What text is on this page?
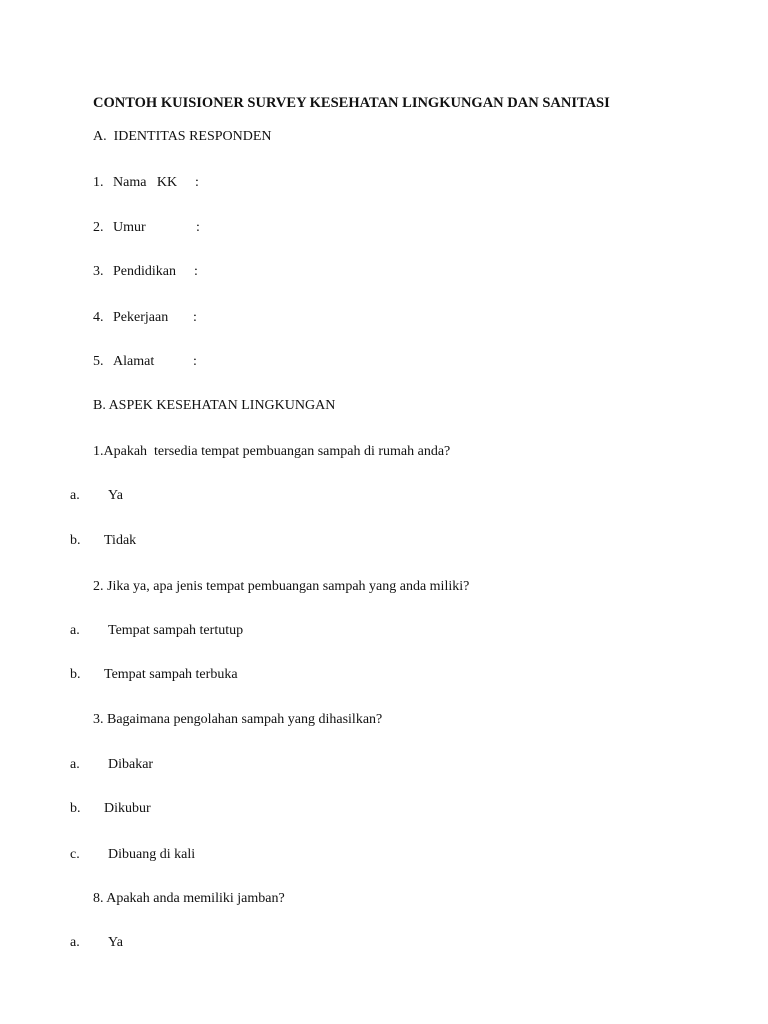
CONTOH KUISIONER SURVEY KESEHATAN LINGKUNGAN DAN SANITASI
A.  IDENTITAS RESPONDEN
1. Nama   KK :
2. Umur	:
3. Pendidikan :
4. Pekerjaan :
5. Alamat	:
B. ASPEK KESEHATAN LINGKUNGAN
1.Apakah  tersedia tempat pembuangan sampah di rumah anda?
a. Ya
b. Tidak
2. Jika ya, apa jenis tempat pembuangan sampah yang anda miliki?
a. Tempat sampah tertutup
b. Tempat sampah terbuka
3. Bagaimana pengolahan sampah yang dihasilkan?
a. Dibakar
b. Dikubur
c. Dibuang di kali
8. Apakah anda memiliki jamban?
a. Ya
